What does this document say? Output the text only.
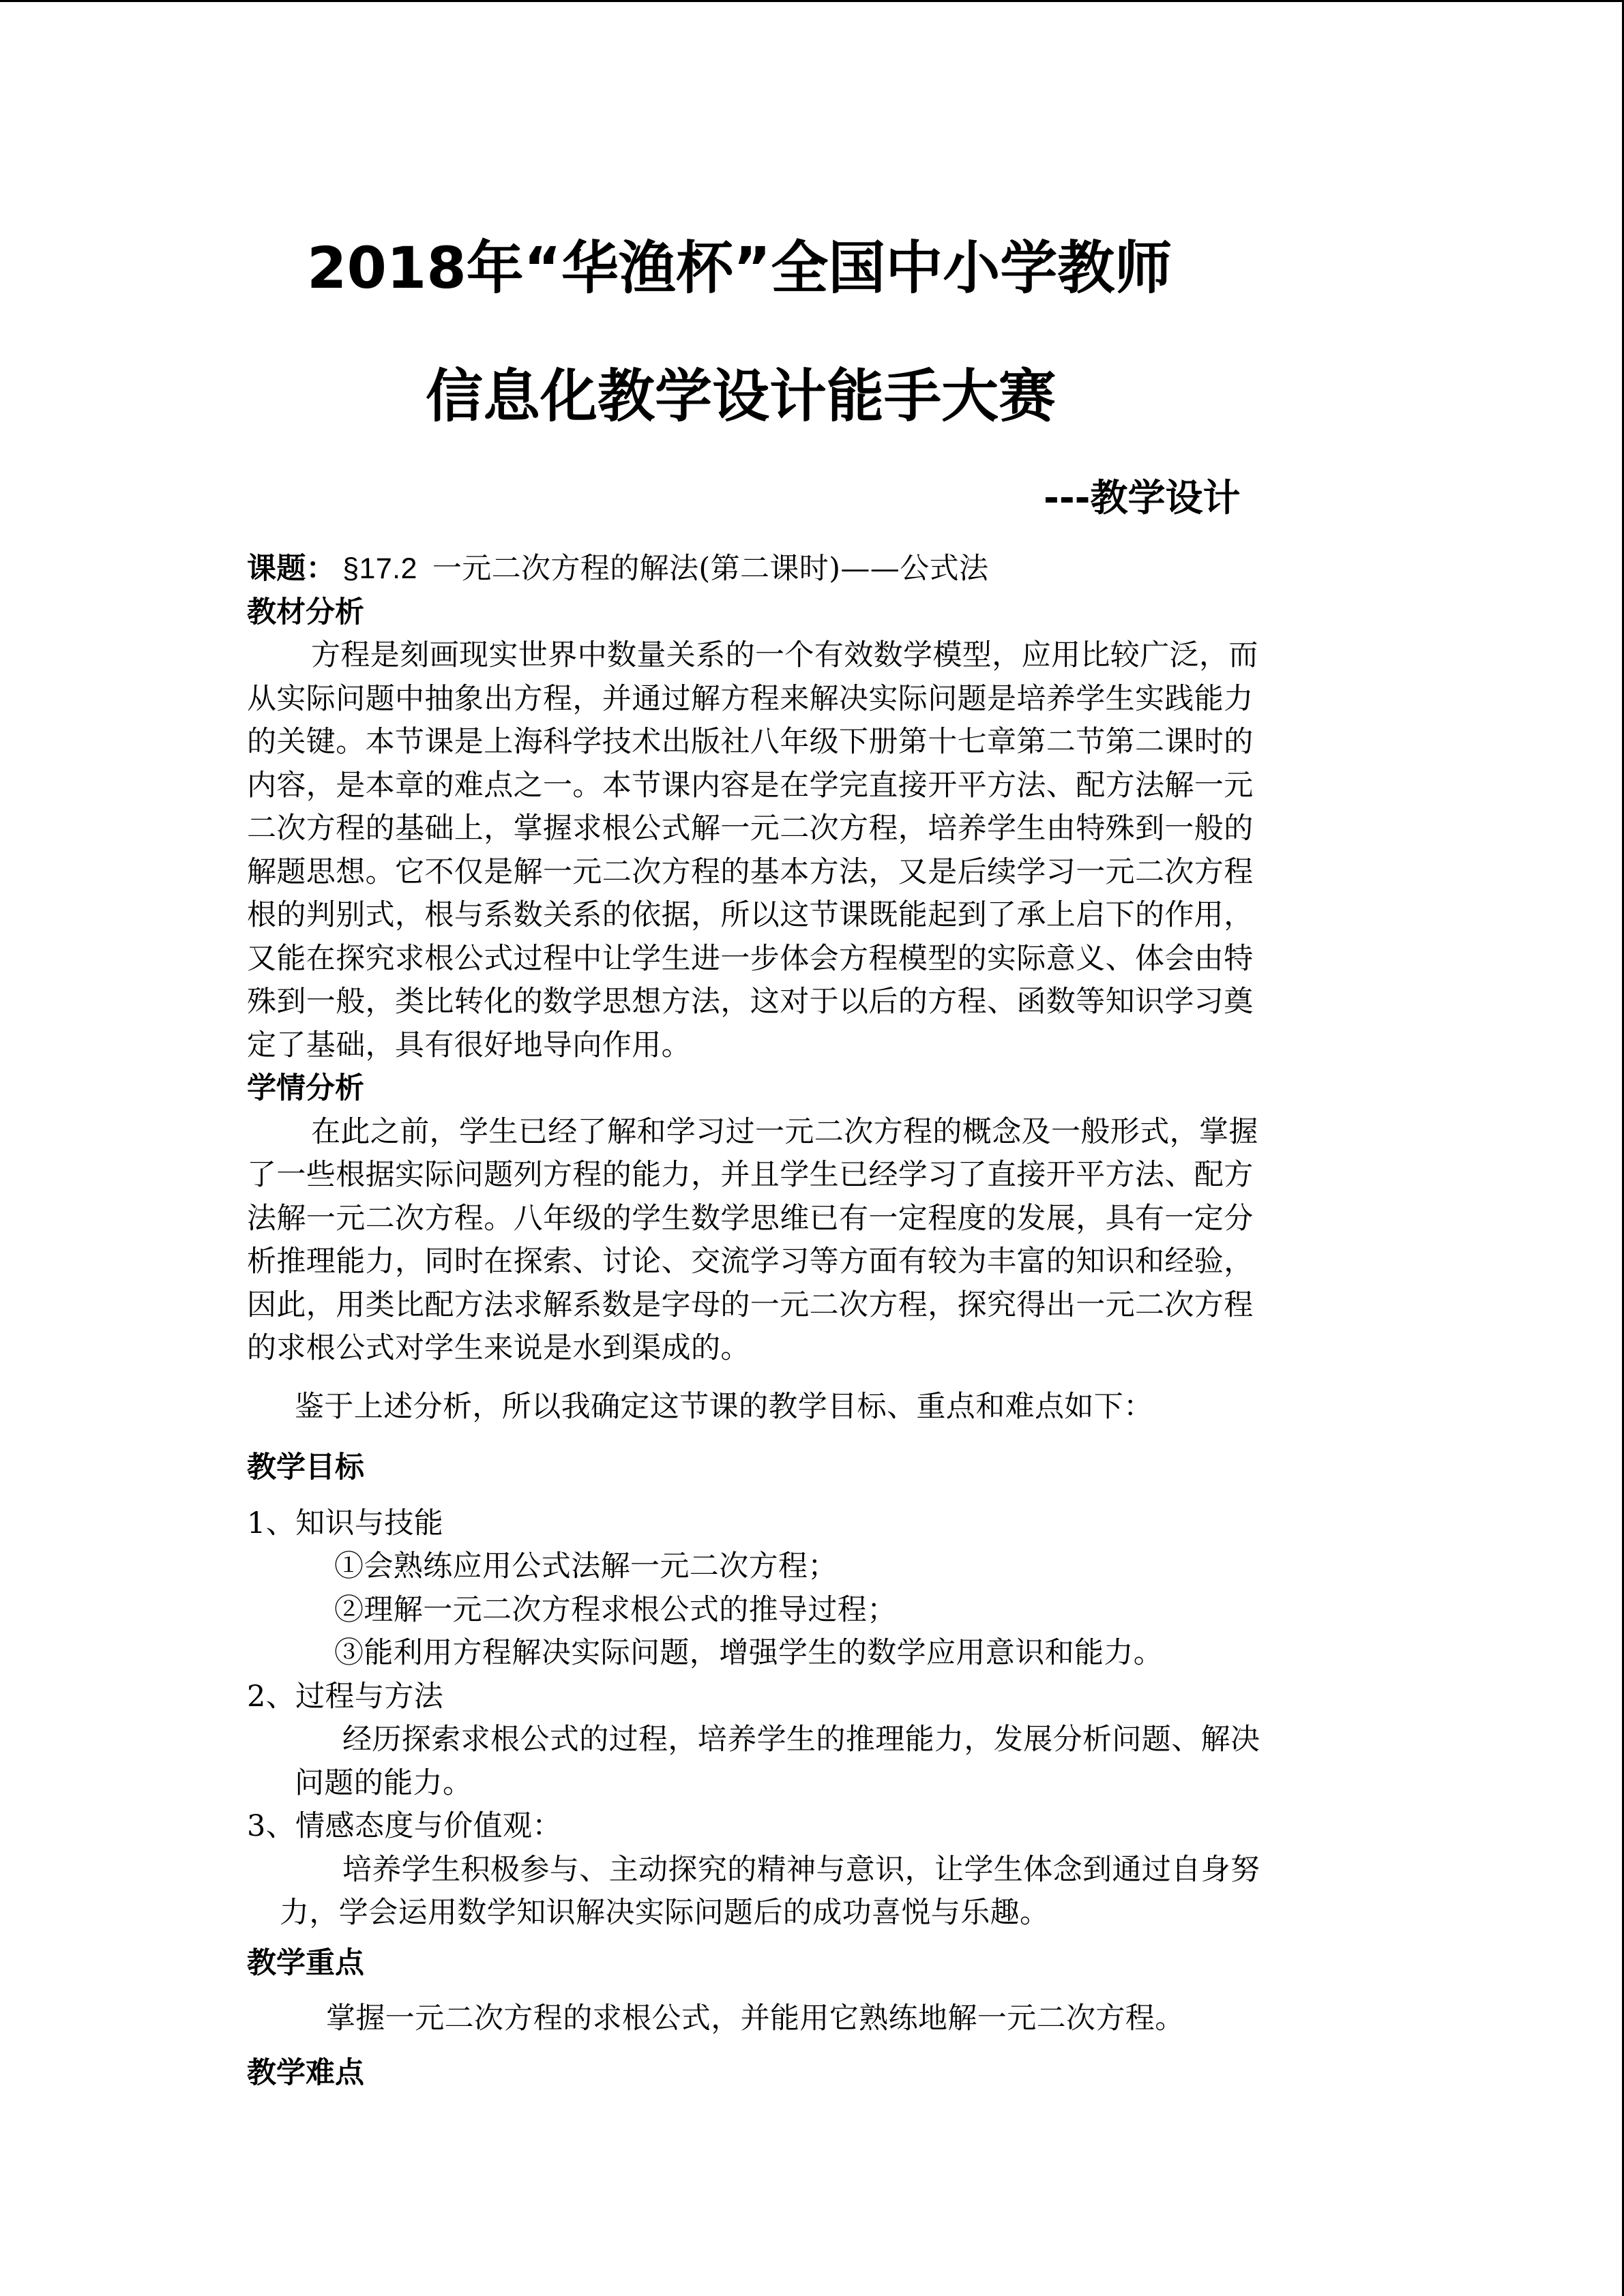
2018年“华渔杯”全国中小学教师
信息化教学设计能手大赛
---教学设计
课题： §17.2 一元二次方程的解法(第二课时)——公式法
教材分析
方程是刻画现实世界中数量关系的一个有效数学模型，应用比较广泛，而
从实际问题中抽象出方程，并通过解方程来解决实际问题是培养学生实践能力
的关键。本节课是上海科学技术出版社八年级下册第十七章第二节第二课时的
内容，是本章的难点之一。本节课内容是在学完直接开平方法、配方法解一元
二次方程的基础上，掌握求根公式解一元二次方程，培养学生由特殊到一般的
解题思想。它不仅是解一元二次方程的基本方法，又是后续学习一元二次方程
根的判别式，根与系数关系的依据，所以这节课既能起到了承上启下的作用，
又能在探究求根公式过程中让学生进一步体会方程模型的实际意义、体会由特
殊到一般，类比转化的数学思想方法，这对于以后的方程、函数等知识学习奠
定了基础，具有很好地导向作用。
学情分析
在此之前，学生已经了解和学习过一元二次方程的概念及一般形式，掌握
了一些根据实际问题列方程的能力，并且学生已经学习了直接开平方法、配方
法解一元二次方程。八年级的学生数学思维已有一定程度的发展，具有一定分
析推理能力，同时在探索、讨论、交流学习等方面有较为丰富的知识和经验，
因此，用类比配方法求解系数是字母的一元二次方程，探究得出一元二次方程
的求根公式对学生来说是水到渠成的。
鉴于上述分析，所以我确定这节课的教学目标、重点和难点如下：
教学目标
1、知识与技能
①会熟练应用公式法解一元二次方程；
②理解一元二次方程求根公式的推导过程；
③能利用方程解决实际问题，增强学生的数学应用意识和能力。
2、过程与方法
经历探索求根公式的过程，培养学生的推理能力，发展分析问题、解决
问题的能力。
3、情感态度与价值观：
培养学生积极参与、主动探究的精神与意识，让学生体念到通过自身努
力，学会运用数学知识解决实际问题后的成功喜悦与乐趣。
教学重点
掌握一元二次方程的求根公式，并能用它熟练地解一元二次方程。
教学难点
